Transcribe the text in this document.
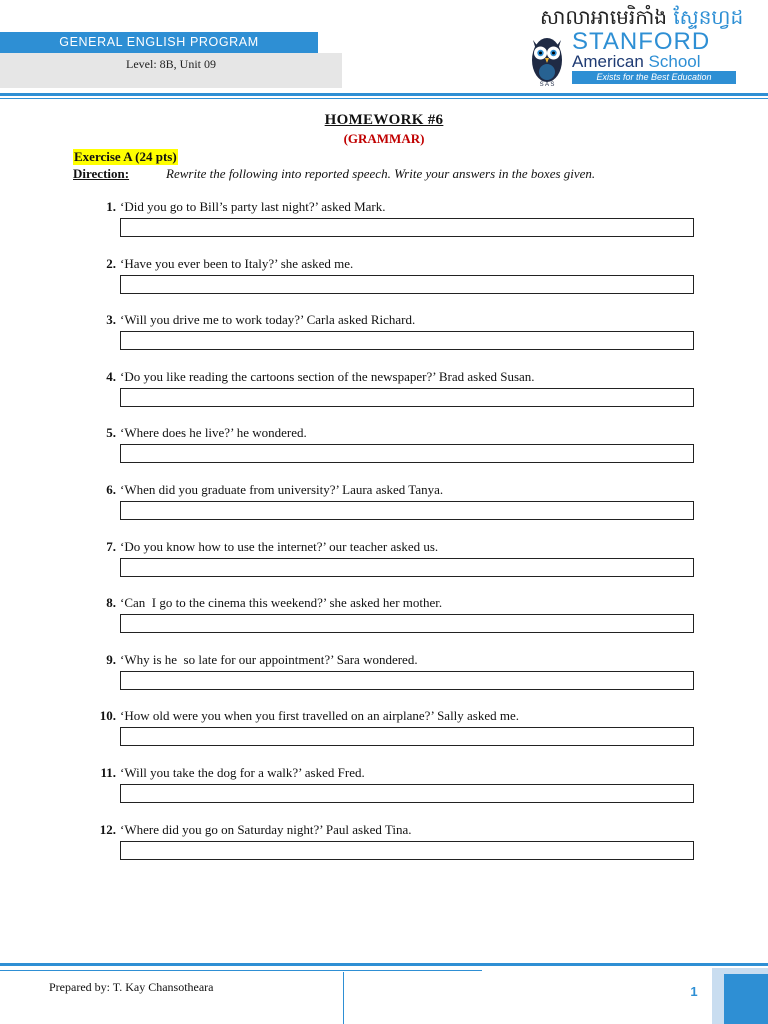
GENERAL ENGLISH PROGRAM
Level: 8B, Unit 09
សាលាអាមេរិកាំង ស្ទែនហ្វដ
S A S
STANFORD
American School
Exists for the Best Education
HOMEWORK #6
(GRAMMAR)
Exercise A (24 pts)
Direction:	Rewrite the following into reported speech. Write your answers in the boxes given.
1. ‘Did you go to Bill’s party last night?’ asked Mark.
2. ‘Have you ever been to Italy?’ she asked me.
3. ‘Will you drive me to work today?’ Carla asked Richard.
4. ‘Do you like reading the cartoons section of the newspaper?’ Brad asked Susan.
5. ‘Where does he live?’ he wondered.
6. ‘When did you graduate from university?’ Laura asked Tanya.
7. ‘Do you know how to use the internet?’ our teacher asked us.
8. ‘Can  I go to the cinema this weekend?’ she asked her mother.
9. ‘Why is he  so late for our appointment?’ Sara wondered.
10. ‘How old were you when you first travelled on an airplane?’ Sally asked me.
11. ‘Will you take the dog for a walk?’ asked Fred.
12. ‘Where did you go on Saturday night?’ Paul asked Tina.
Prepared by: T. Kay Chansotheara	1
